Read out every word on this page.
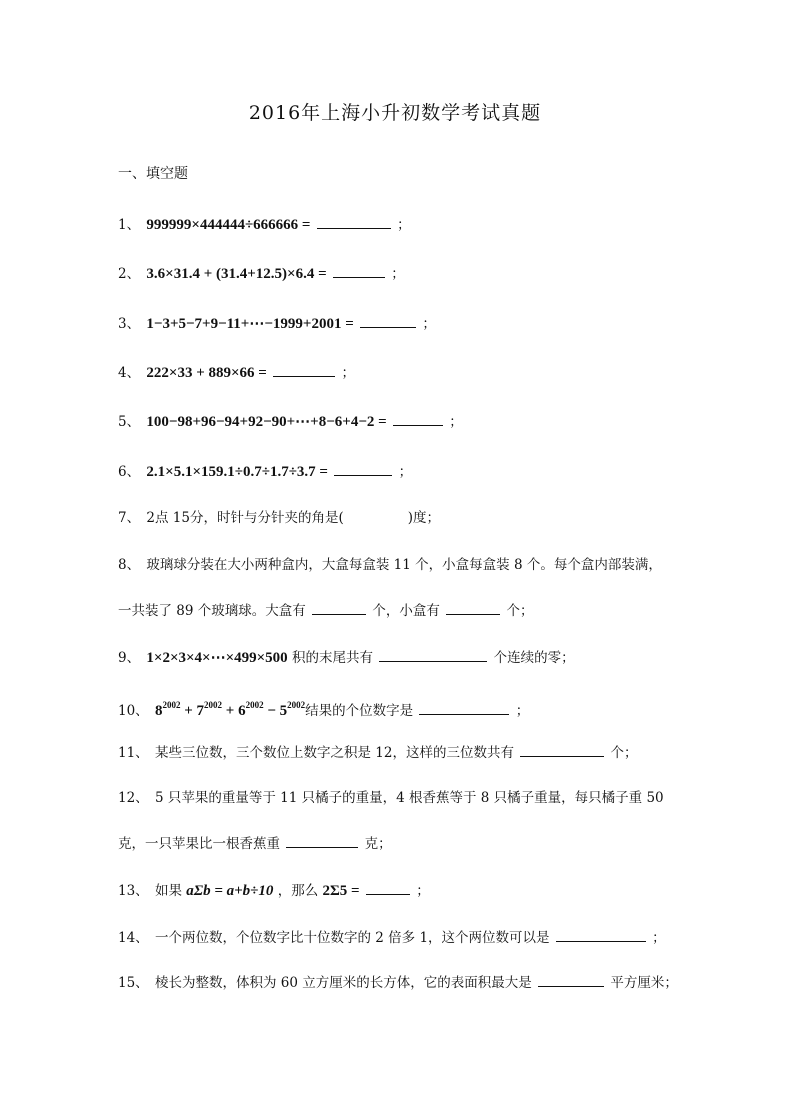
2016年上海小升初数学考试真题
一、填空题
1、 999999×444444÷666666 =	；
2、 3.6×31.4 + (31.4+12.5)×6.4 =	；
3、 1−3+5−7+9−11+⋯−1999+2001 =	；
4、 222×33 + 889×66 =	；
5、 100−98+96−94+92−90+⋯+8−6+4−2 =	；
6、 2.1×5.1×159.1÷0.7÷1.7÷3.7 =	；
7、 2点 15分，时针与分针夹的角是(	)度；
8、 玻璃球分装在大小两种盒内，大盒每盒装 11 个，小盒每盒装 8 个。每个盒内部装满，
一共装了 89 个玻璃球。大盒有	个，小盒有	个；
9、 1×2×3×4×⋯×499×500 积的末尾共有	个连续的零；
10、 $8^{2002} + 7^{2002} + 6^{2002} - 5^{2002}$结果的个位数字是	；
11、 某些三位数，三个数位上数字之积是 12，这样的三位数共有	个；
12、 5 只苹果的重量等于 11 只橘子的重量，4 根香蕉等于 8 只橘子重量，每只橘子重 50
克，一只苹果比一根香蕉重	克；
13、 如果 aΣb = a+b÷10 ，那么 2Σ5 =	；
14、 一个两位数，个位数字比十位数字的 2 倍多 1，这个两位数可以是	；
15、 棱长为整数，体积为 60 立方厘米的长方体，它的表面积最大是	平方厘米；
